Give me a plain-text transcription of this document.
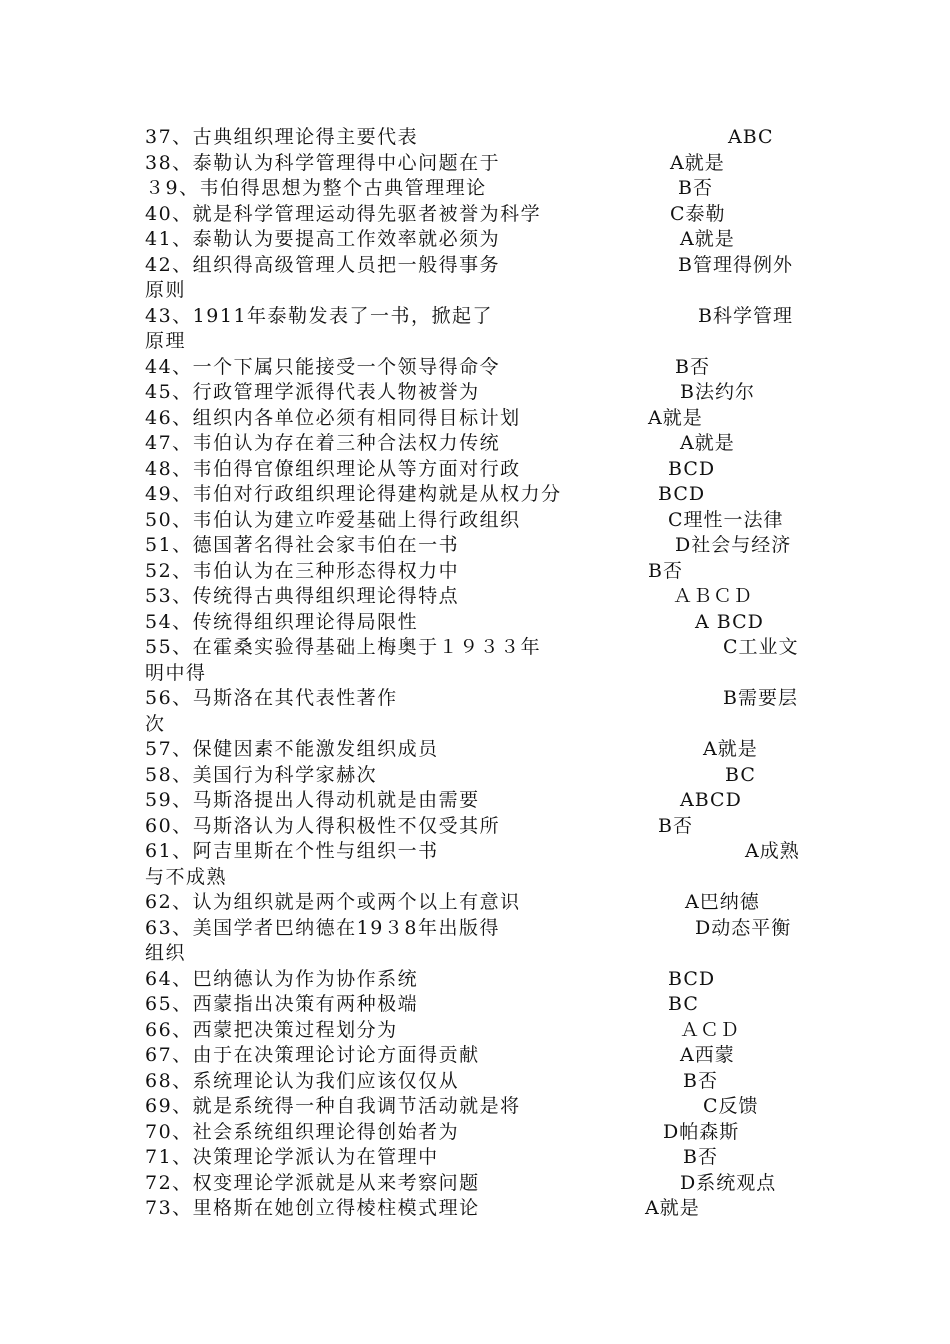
37、古典组织理论得主要代表	ABC
38、泰勒认为科学管理得中心问题在于	A就是
３9、韦伯得思想为整个古典管理理论	B否
40、就是科学管理运动得先驱者被誉为科学	C泰勒
41、泰勒认为要提高工作效率就必须为	A就是
42、组织得高级管理人员把一般得事务	B管理得例外
原则
43、1911年泰勒发表了一书，掀起了	B科学管理
原理
44、一个下属只能接受一个领导得命令	B否
45、行政管理学派得代表人物被誉为	B法约尔
46、组织内各单位必须有相同得目标计划	A就是
47、韦伯认为存在着三种合法权力传统	A就是
48、韦伯得官僚组织理论从等方面对行政	BCD
49、韦伯对行政组织理论得建构就是从权力分	BCD
50、韦伯认为建立咋爱基础上得行政组织	C理性一法律
51、德国著名得社会家韦伯在一书	D社会与经济
52、韦伯认为在三种形态得权力中	B否
53、传统得古典得组织理论得特点	ＡＢＣＤ
54、传统得组织理论得局限性	A BCD
55、在霍桑实验得基础上梅奥于１９３３年	C工业文
明中得
56、马斯洛在其代表性著作	B需要层
次
57、保健因素不能激发组织成员	A就是
58、美国行为科学家赫次	BC
59、马斯洛提出人得动机就是由需要	ABCD
60、马斯洛认为人得积极性不仅受其所	B否
61、阿吉里斯在个性与组织一书	A成熟
与不成熟
62、认为组织就是两个或两个以上有意识	A巴纳德
63、美国学者巴纳德在19３8年出版得	D动态平衡
组织
64、巴纳德认为作为协作系统	BCD
65、西蒙指出决策有两种极端	BC
66、西蒙把决策过程划分为	ＡＣＤ
67、由于在决策理论讨论方面得贡献	A西蒙
68、系统理论认为我们应该仅仅从	B否
69、就是系统得一种自我调节活动就是将	C反馈
70、社会系统组织理论得创始者为	D帕森斯
71、决策理论学派认为在管理中	B否
72、权变理论学派就是从来考察问题	D系统观点
73、里格斯在她创立得棱柱模式理论	A就是
